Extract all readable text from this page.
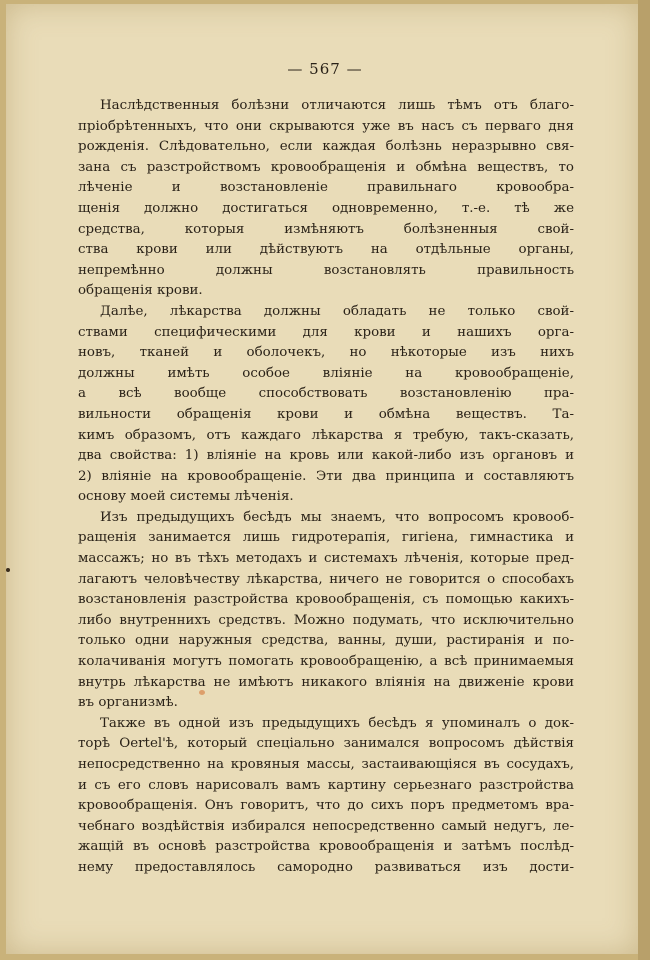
— 567 —
Наслѣдственныя болѣзни отличаются лишь тѣмъ отъ благо-
пріобрѣтенныхъ, что они скрываются уже въ насъ съ перваго дня
рожденія. Слѣдовательно, если каждая болѣзнь неразрывно свя-
зана съ разстройствомъ кровообращенія и обмѣна веществъ, то
лѣченіе и возстановленіе правильнаго кровообра-
щенія должно достигаться одновременно, т.-е. тѣ же
средства, которыя измѣняютъ болѣзненныя свой-
ства крови или дѣйствуютъ на отдѣльные органы,
непремѣнно должны возстановлять правильность
обращенія крови.
Далѣе, лѣкарства должны обладать не только свой-
ствами специфическими для крови и нашихъ орга-
новъ, тканей и оболочекъ, но нѣкоторые изъ нихъ
должны имѣть особое вліяніе на кровообращеніе,
а всѣ вообще способствовать возстановленію пра-
вильности обращенія крови и обмѣна веществъ. Та-
кимъ образомъ, отъ каждаго лѣкарства я требую, такъ-сказать,
два свойства: 1) вліяніе на кровь или какой-либо изъ органовъ и
2) вліяніе на кровообращеніе. Эти два принципа и составляютъ
основу моей системы лѣченія.
Изъ предыдущихъ бесѣдъ мы знаемъ, что вопросомъ кровооб-
ращенія занимается лишь гидротерапія, гигіена, гимнастика и
массажъ; но въ тѣхъ методахъ и системахъ лѣченія, которые пред-
лагаютъ человѣчеству лѣкарства, ничего не говорится о способахъ
возстановленія разстройства кровообращенія, съ помощью какихъ-
либо внутреннихъ средствъ. Можно подумать, что исключительно
только одни наружныя средства, ванны, души, растиранія и по-
колачиванія могутъ помогать кровообращенію, а всѣ принимаемыя
внутрь лѣкарства не имѣютъ никакого вліянія на движеніе крови
въ организмѣ.
Также въ одной изъ предыдущихъ бесѣдъ я упоминалъ о док-
торѣ Oertel'ѣ, который спеціально занимался вопросомъ дѣйствія
непосредственно на кровяныя массы, застаивающіяся въ сосудахъ,
и съ его словъ нарисовалъ вамъ картину серьезнаго разстройства
кровообращенія. Онъ говоритъ, что до сихъ поръ предметомъ вра-
чебнаго воздѣйствія избирался непосредственно самый недугъ, ле-
жащій въ основѣ разстройства кровообращенія и затѣмъ послѣд-
нему предоставлялось самородно развиваться изъ дости-
